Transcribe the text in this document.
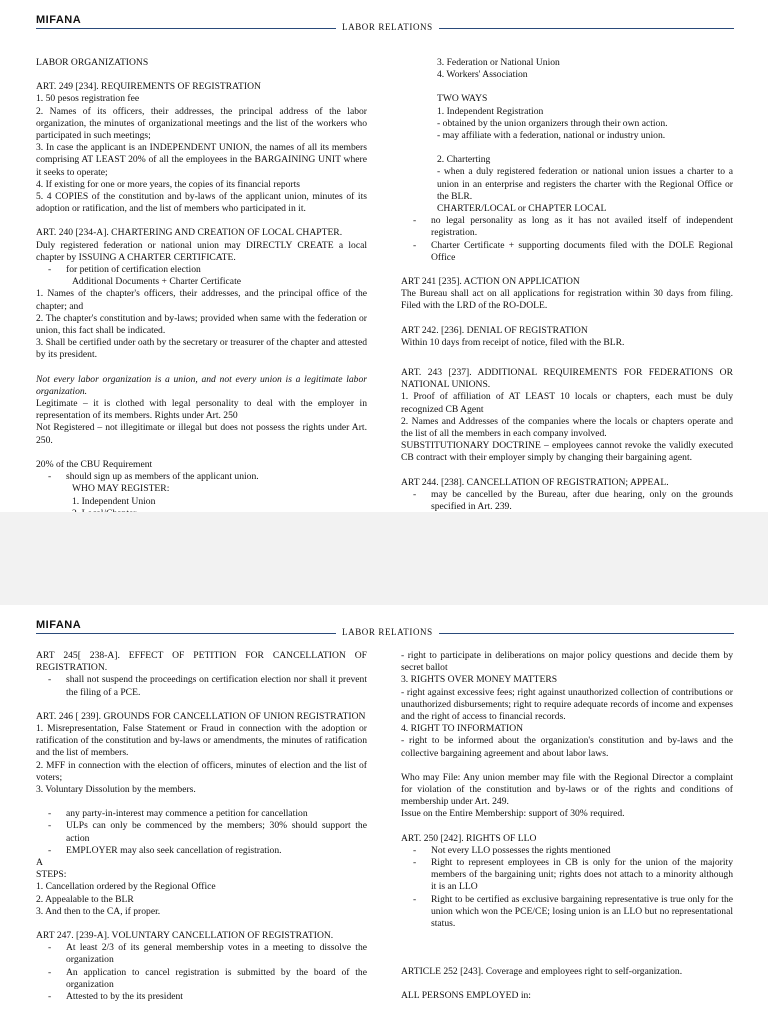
MIFANA
LABOR RELATIONS

LABOR ORGANIZATIONS

ART. 249 [234]. REQUIREMENTS OF REGISTRATION

1. 50 pesos registration fee

2. Names of its officers, their addresses, the principal address of the labor organization, the minutes of organizational meetings and the list of the workers who participated in such meetings;

3. In case the applicant is an INDEPENDENT UNION, the names of all its members comprising AT LEAST 20% of all the employees in the BARGAINING UNIT where it seeks to operate;

4. If existing for one or more years, the copies of its financial reports

5. 4 COPIES of the constitution and by-laws of the applicant union, minutes of its adoption or ratification, and the list of members who participated in it.

ART. 240 [234-A]. CHARTERING AND CREATION OF LOCAL CHAPTER.

Duly registered federation or national union may DIRECTLY CREATE a local chapter by ISSUING A CHARTER CERTIFICATE.

-	for petition of certification election

Additional Documents + Charter Certificate

1. Names of the chapter's officers, their addresses, and the principal office of the chapter; and

2. The chapter's constitution and by-laws; provided when same with the federation or union, this fact shall be indicated.

3. Shall be certified under oath by the secretary or treasurer of the chapter and attested by its president.

Not every labor organization is a union, and not every union is a legitimate labor organization.

Legitimate – it is clothed with legal personality to deal with the employer in representation of its members. Rights under Art. 250

Not Registered – not illegitimate or illegal but does not possess the rights under Art. 250.

20% of the CBU Requirement

-	should sign up as members of the applicant union.

WHO MAY REGISTER:

1. Independent Union

3. Federation or National Union

4. Workers' Association

TWO WAYS

1. Independent Registration

- obtained by the union organizers through their own action.

- may affiliate with a federation, national or industry union.

2. Charterting

- when a duly registered federation or national union issues a charter to a union in an enterprise and registers the charter with the Regional Office or the BLR.

CHARTER/LOCAL or CHAPTER LOCAL

-	no legal personality as long as it has not availed itself of independent registration.
-	Charter Certificate + supporting documents filed with the DOLE Regional Office

ART 241 [235]. ACTION ON APPLICATION

The Bureau shall act on all applications for registration within 30 days from filing. Filed with the LRD of the RO-DOLE.

ART 242. [236]. DENIAL OF REGISTRATION

Within 10 days from receipt of notice, filed with the BLR.

ART. 243 [237]. ADDITIONAL REQUIREMENTS FOR FEDERATIONS OR NATIONAL UNIONS.

1. Proof of affiliation of AT LEAST 10 locals or chapters, each must be duly recognized CB Agent

2. Names and Addresses of the companies where the locals or chapters operate and the list of all the members in each company involved.

SUBSTITUTIONARY DOCTRINE – employees cannot revoke the validly executed CB contract with their employer simply by changing their bargaining agent.

ART 244. [238]. CANCELLATION OF REGISTRATION; APPEAL.

-	may be cancelled by the Bureau, after due hearing, only on the grounds specified in Art. 239.
MIFANA
LABOR RELATIONS

ART 245[ 238-A]. EFFECT OF PETITION FOR CANCELLATION OF REGISTRATION.

-	shall not suspend the proceedings on certification election nor shall it prevent the filing of a PCE.

ART. 246 [ 239]. GROUNDS FOR CANCELLATION OF UNION REGISTRATION

1. Misrepresentation, False Statement or Fraud in connection with the adoption or ratification of the constitution and by-laws or amendments, the minutes of ratification and the list of members.

2. MFF in connection with the election of officers, minutes of election and the list of voters;

3. Voluntary Dissolution by the members.

-	any party-in-interest may commence a petition for cancellation
-	ULPs can only be commenced by the members; 30% should support the action
-	EMPLOYER may also seek cancellation of registration.

A

STEPS:

1. Cancellation ordered by the Regional Office

2. Appealable to the BLR

3. And then to the CA, if proper.

ART 247. [239-A]. VOLUNTARY CANCELLATION OF REGISTRATION.

-	At least 2/3 of its general membership votes in a meeting to dissolve the organization
-	An application to cancel registration is submitted by the board of the organization
-	Attested to by the its president

- right to participate in deliberations on major policy questions and decide them by secret ballot

3. RIGHTS OVER MONEY MATTERS

- right against excessive fees; right against unauthorized collection of contributions or unauthorized disbursements; right to require adequate records of income and expenses and the right of access to financial records.

4. RIGHT TO INFORMATION

- right to be informed about the organization's constitution and by-laws and the collective bargaining agreement and about labor laws.

Who may File: Any union member may file with the Regional Director a complaint for violation of the constitution and by-laws or of the rights and conditions of membership under Art. 249.

Issue on the Entire Membership: support of 30% required.

ART. 250 [242]. RIGHTS OF LLO

-	Not every LLO possesses the rights mentioned
-	Right to represent employees in CB is only for the union of the majority members of the bargaining unit; rights does not attach to a minority although it is an LLO
-	Right to be certified as exclusive bargaining representative is true only for the union which won the PCE/CE; losing union is an LLO but no representational status.

ARTICLE 252 [243]. Coverage and employees right to self-organization.

ALL PERSONS EMPLOYED in:
